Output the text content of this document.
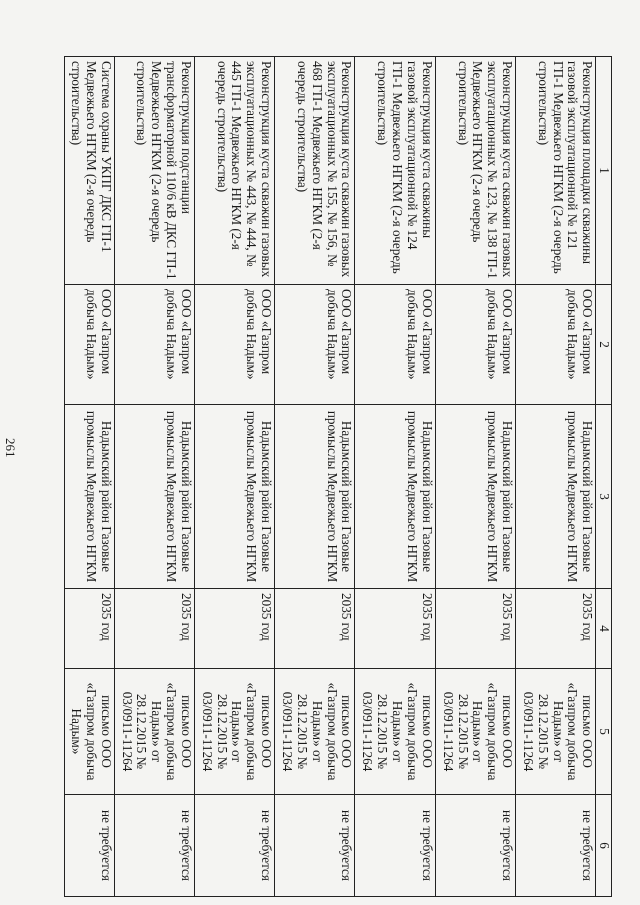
261
1	2	3	4	5	6
Реконструкция площадки скважины газовой эксплуатационной № 121 ГП-1 Медвежьего НГКМ (2-я очередь строительства)	ООО «Газпром добыча Надым»	Надымский район Газовые промыслы Медвежьего НГКМ	2035 год	письмо ООО «Газпром добыча Надым» от 28.12.2015 № 03/0911-11264	не требуется
Реконструкция куста скважин газовых эксплуатационных № 123, № 138 ГП-1 Медвежьего НГКМ (2-я очередь строительства)	ООО «Газпром добыча Надым»	Надымский район Газовые промыслы Медвежьего НГКМ	2035 год	письмо ООО «Газпром добыча Надым» от 28.12.2015 № 03/0911-11264	не требуется
Реконструкция куста скважины газовой эксплуатационной № 124 ГП-1 Медвежьего НГКМ (2-я очередь строительства)	ООО «Газпром добыча Надым»	Надымский район Газовые промыслы Медвежьего НГКМ	2035 год	письмо ООО «Газпром добыча Надым» от 28.12.2015 № 03/0911-11264	не требуется
Реконструкция куста скважин газовых эксплуатационных № 155, № 156, № 468 ГП-1 Медвежьего НГКМ (2-я очередь строительства)	ООО «Газпром добыча Надым»	Надымский район Газовые промыслы Медвежьего НГКМ	2035 год	письмо ООО «Газпром добыча Надым» от 28.12.2015 № 03/0911-11264	не требуется
Реконструкция куста скважин газовых эксплуатационных № 443, № 444, № 445 ГП-1 Медвежьего НГКМ (2-я очередь строительства)	ООО «Газпром добыча Надым»	Надымский район Газовые промыслы Медвежьего НГКМ	2035 год	письмо ООО «Газпром добыча Надым» от 28.12.2015 № 03/0911-11264	не требуется
Реконструкция подстанции трансформаторной 110/6 кВ ДКС ГП-1 Медвежьего НГКМ (2-я очередь строительства)	ООО «Газпром добыча Надым»	Надымский район Газовые промыслы Медвежьего НГКМ	2035 год	письмо ООО «Газпром добыча Надым» от 28.12.2015 № 03/0911-11264	не требуется
Система охраны УКПГ ДКС ГП-1 Медвежьего НГКМ (2-я очередь строительства)	ООО «Газпром добыча Надым»	Надымский район Газовые промыслы Медвежьего НГКМ	2035 год	письмо ООО «Газпром добыча Надым»	не требуется
